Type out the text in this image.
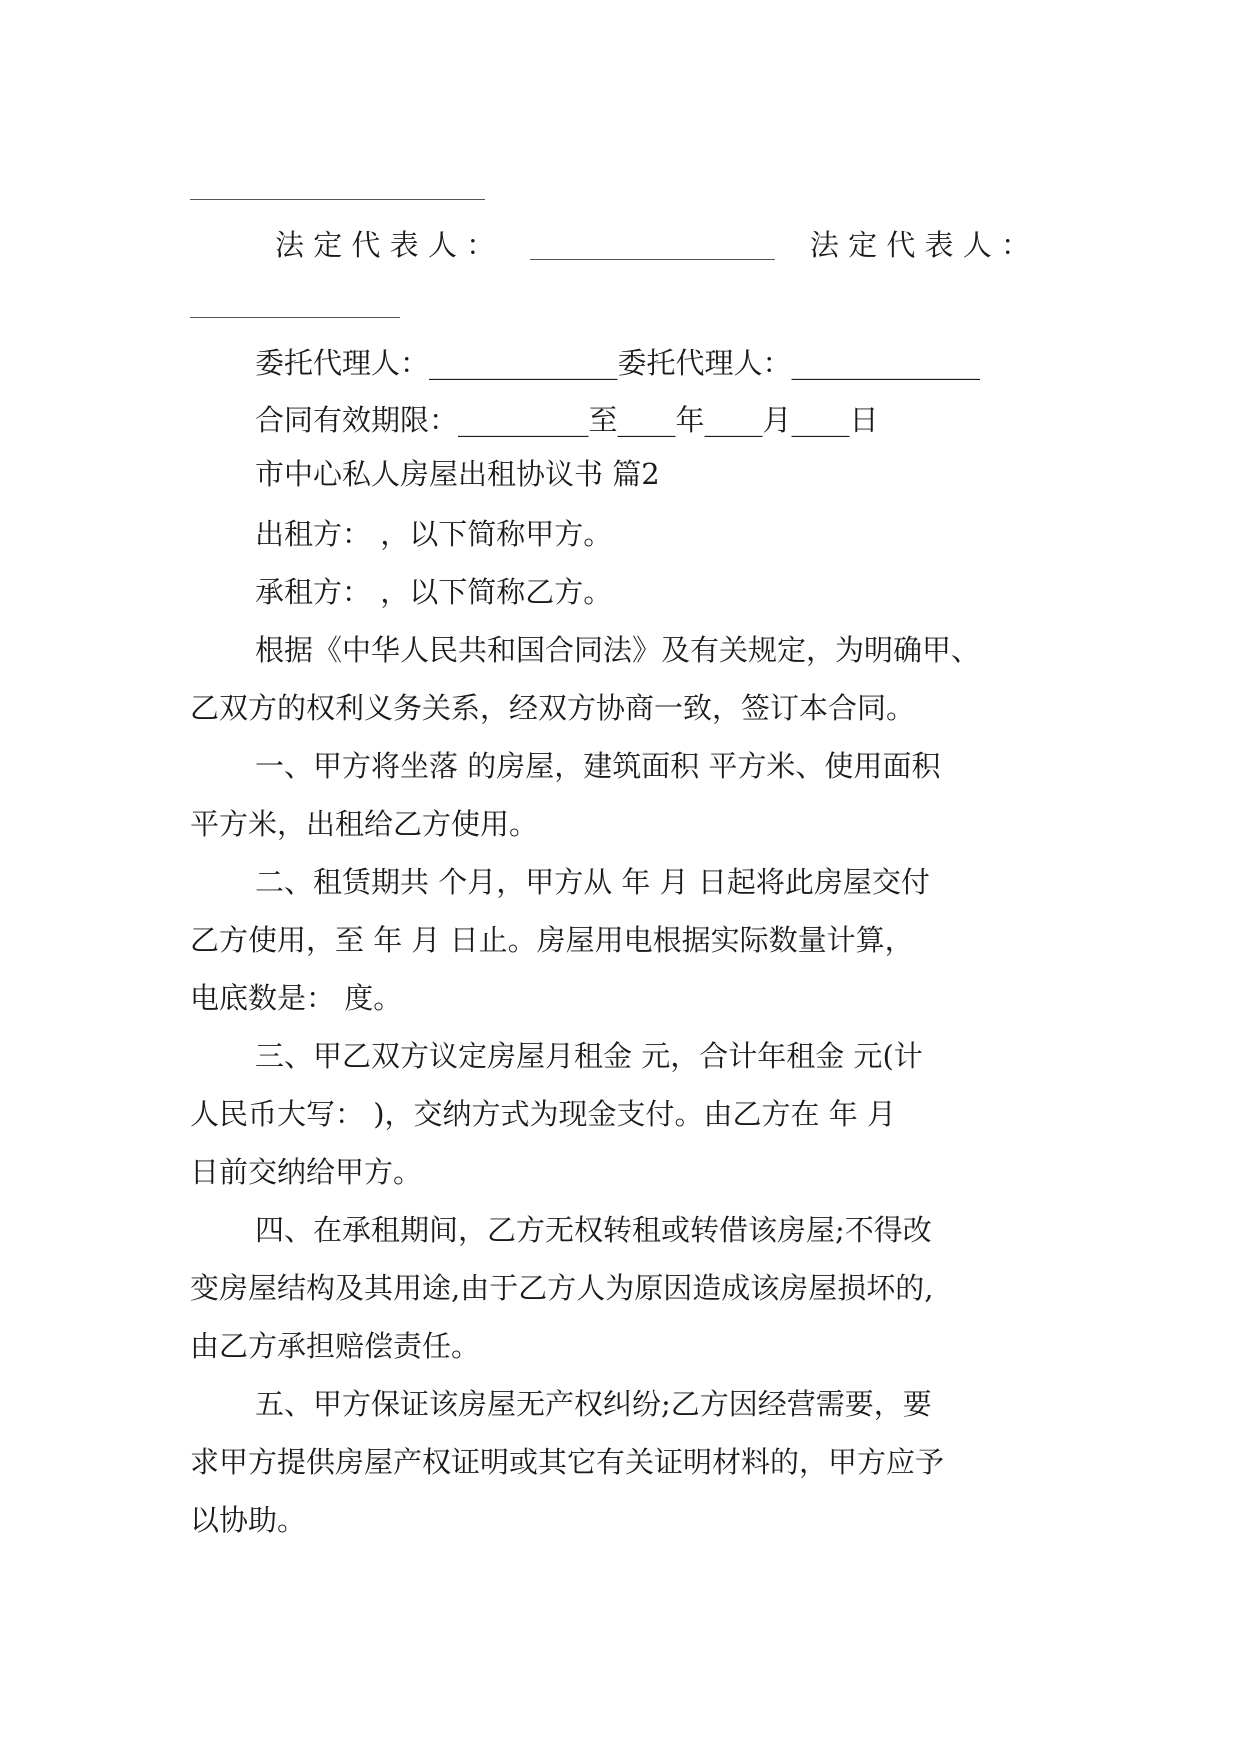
法 定 代 表 人 ：	法 定 代 表 人 ：
委托代理人：_____________委托代理人：_____________
合同有效期限：_________至____年____月____日
市中心私人房屋出租协议书 篇2
出租方： ，以下简称甲方。
承租方： ，以下简称乙方。
根据《中华人民共和国合同法》及有关规定，为明确甲、
乙双方的权利义务关系，经双方协商一致，签订本合同。
一、甲方将坐落 的房屋，建筑面积 平方米、使用面积
平方米，出租给乙方使用。
二、租赁期共 个月，甲方从 年 月 日起将此房屋交付
乙方使用，至 年 月 日止。房屋用电根据实际数量计算，
电底数是： 度。
三、甲乙双方议定房屋月租金 元，合计年租金 元(计
人民币大写： )，交纳方式为现金支付。由乙方在 年 月
日前交纳给甲方。
四、在承租期间，乙方无权转租或转借该房屋;不得改
变房屋结构及其用途,由于乙方人为原因造成该房屋损坏的,
由乙方承担赔偿责任。
五、甲方保证该房屋无产权纠纷;乙方因经营需要，要
求甲方提供房屋产权证明或其它有关证明材料的，甲方应予
以协助。
